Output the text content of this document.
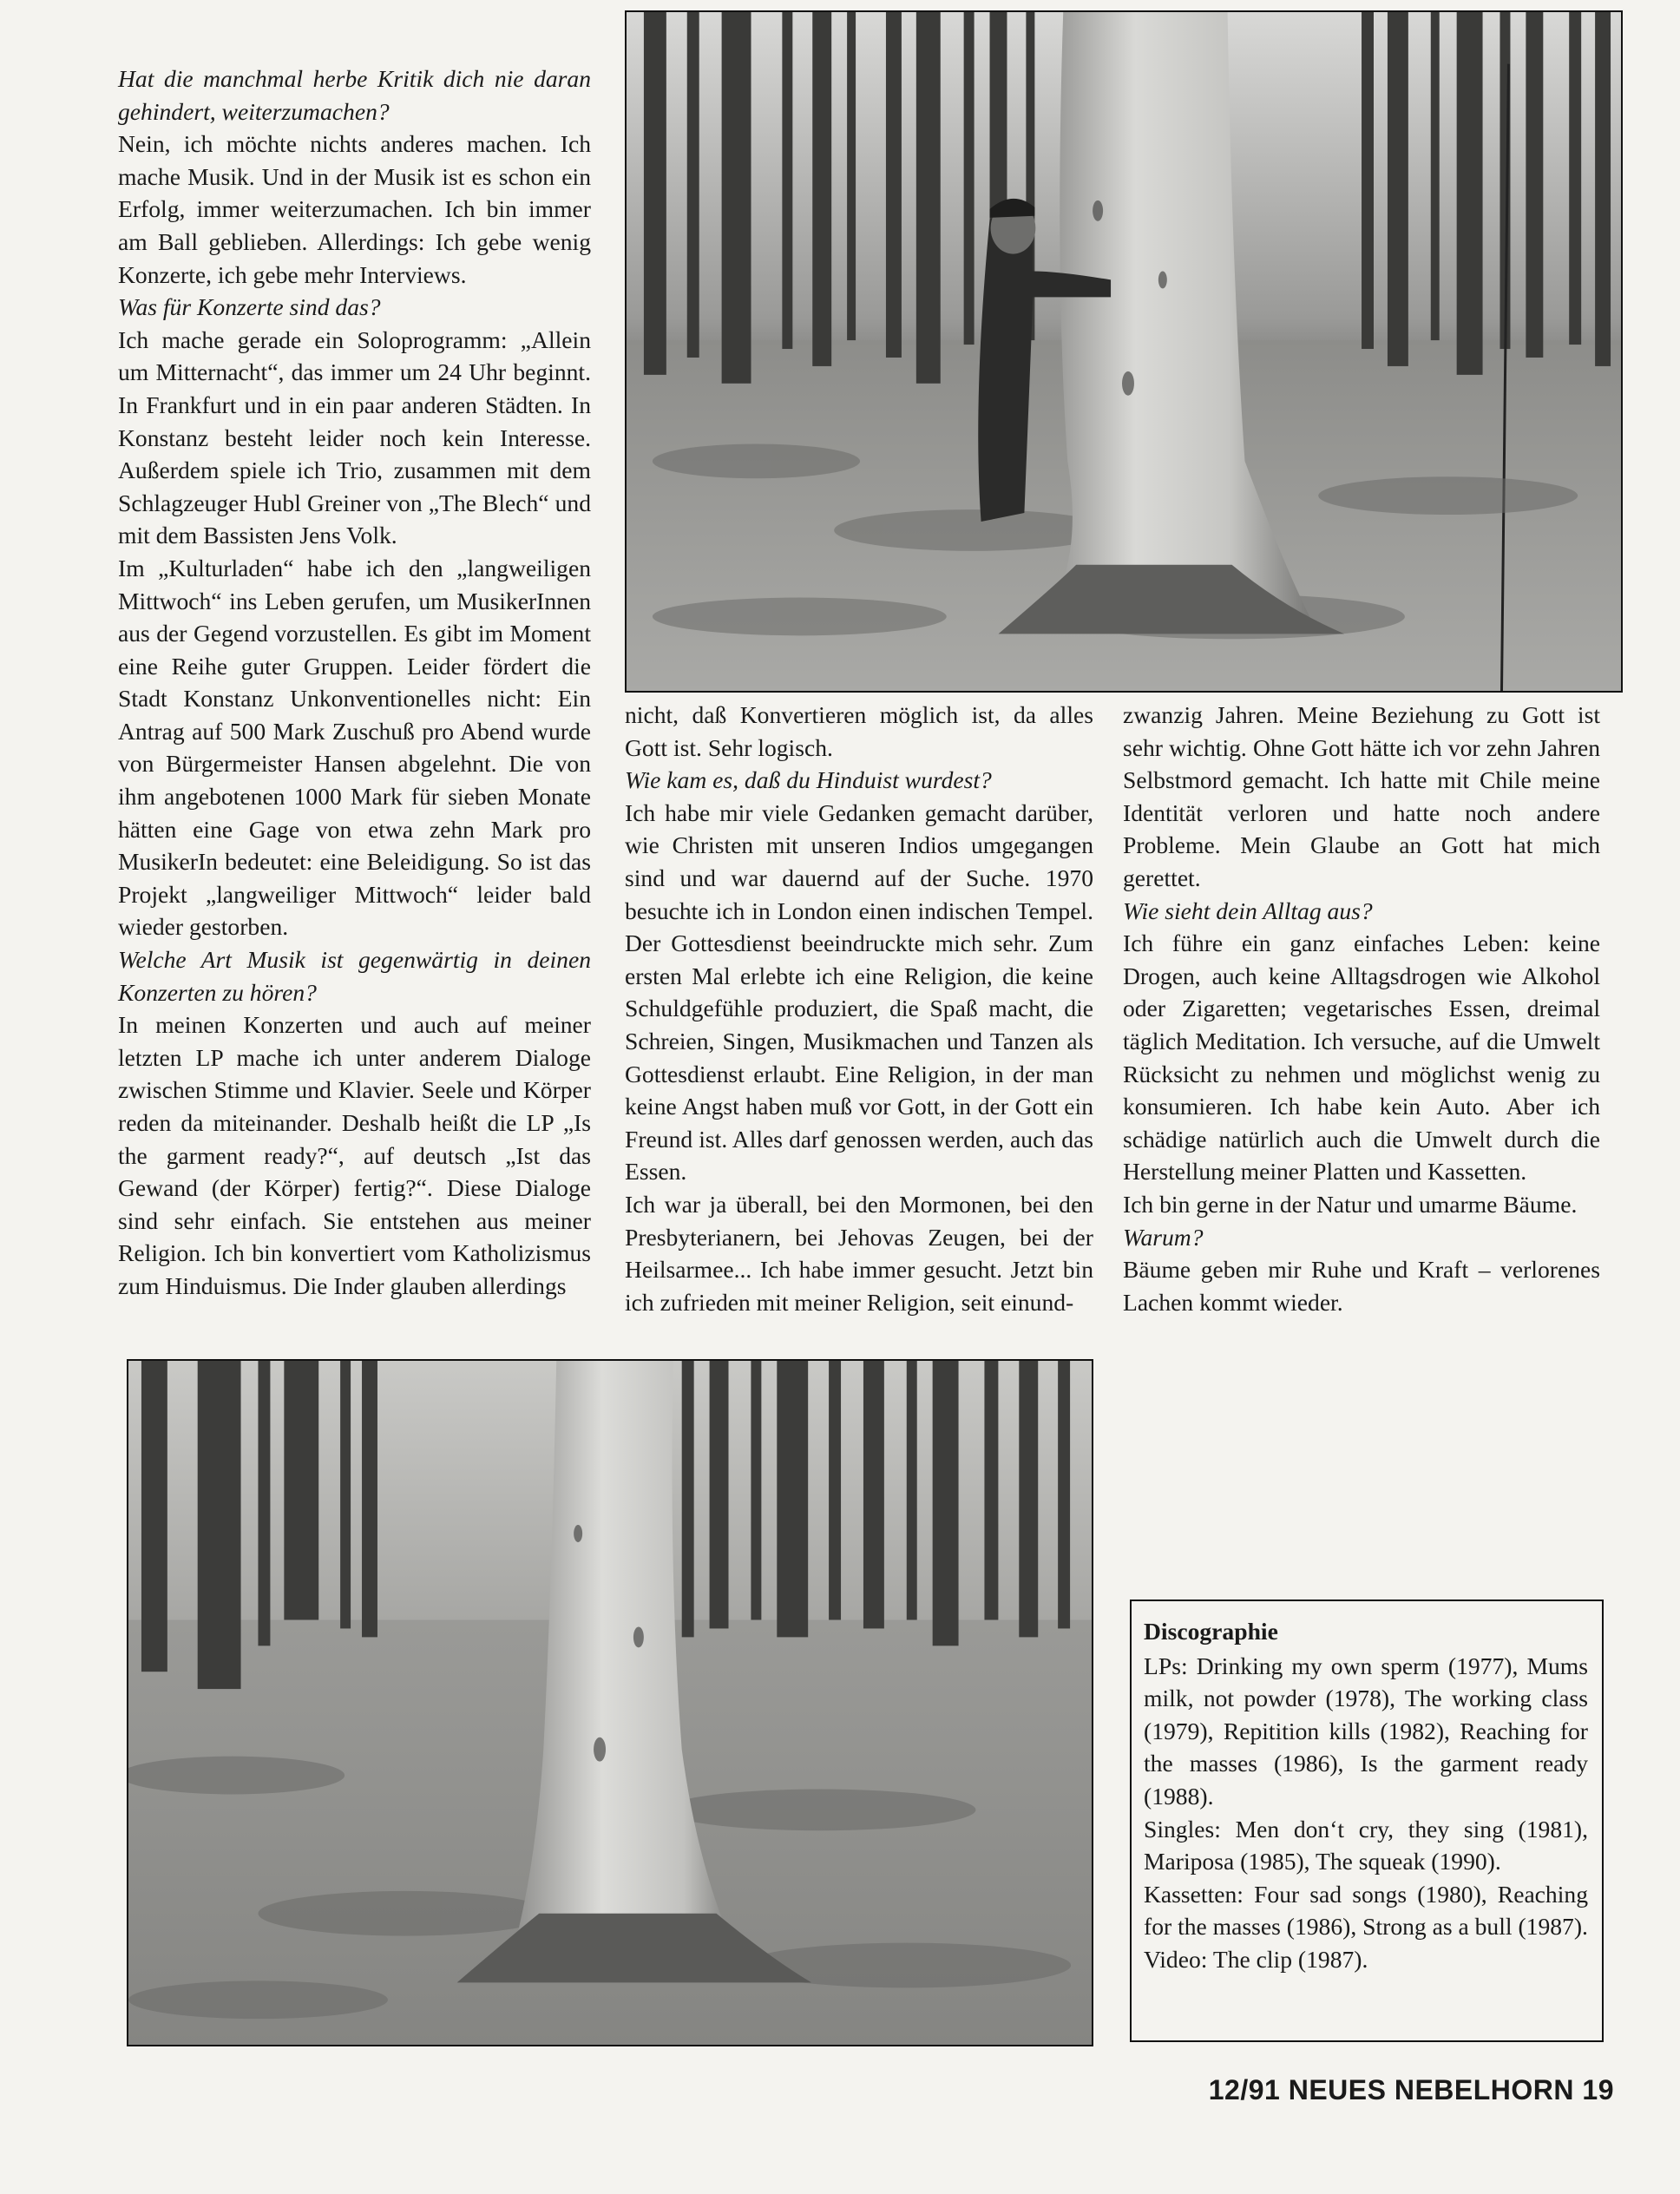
Hat die manchmal herbe Kritik dich nie daran gehindert, weiterzumachen?

Nein, ich möchte nichts anderes machen. Ich mache Musik. Und in der Musik ist es schon ein Erfolg, immer weiterzumachen. Ich bin immer am Ball geblieben. Allerdings: Ich gebe wenig Konzerte, ich gebe mehr Interviews.

Was für Konzerte sind das?

Ich mache gerade ein Soloprogramm: „Allein um Mitternacht“, das immer um 24 Uhr beginnt. In Frankfurt und in ein paar anderen Städten. In Konstanz besteht leider noch kein Interesse. Außerdem spiele ich Trio, zusammen mit dem Schlagzeuger Hubl Greiner von „The Blech“ und mit dem Bassisten Jens Volk.

Im „Kulturladen“ habe ich den „langweiligen Mittwoch“ ins Leben gerufen, um MusikerInnen aus der Gegend vorzustellen. Es gibt im Moment eine Reihe guter Gruppen. Leider fördert die Stadt Konstanz Unkonventionelles nicht: Ein Antrag auf 500 Mark Zuschuß pro Abend wurde von Bürgermeister Hansen abgelehnt. Die von ihm angebotenen 1000 Mark für sieben Monate hätten eine Gage von etwa zehn Mark pro MusikerIn bedeutet: eine Beleidigung. So ist das Projekt „langweiliger Mittwoch“ leider bald wieder gestorben.

Welche Art Musik ist gegenwärtig in deinen Konzerten zu hören?

In meinen Konzerten und auch auf meiner letzten LP mache ich unter anderem Dialoge zwischen Stimme und Klavier. Seele und Körper reden da miteinander. Deshalb heißt die LP „Is the garment ready?“, auf deutsch „Ist das Gewand (der Körper) fertig?“. Diese Dialoge sind sehr einfach. Sie entstehen aus meiner Religion. Ich bin konvertiert vom Katholizismus zum Hinduismus. Die Inder glauben allerdings

nicht, daß Konvertieren möglich ist, da alles Gott ist. Sehr logisch.

Wie kam es, daß du Hinduist wurdest?

Ich habe mir viele Gedanken gemacht darüber, wie Christen mit unseren Indios umgegangen sind und war dauernd auf der Suche. 1970 besuchte ich in London einen indischen Tempel. Der Gottesdienst beeindruckte mich sehr. Zum ersten Mal erlebte ich eine Religion, die keine Schuldgefühle produziert, die Spaß macht, die Schreien, Singen, Musikmachen und Tanzen als Gottesdienst erlaubt. Eine Religion, in der man keine Angst haben muß vor Gott, in der Gott ein Freund ist. Alles darf genossen werden, auch das Essen.

Ich war ja überall, bei den Mormonen, bei den Presbyterianern, bei Jehovas Zeugen, bei der Heilsarmee... Ich habe immer gesucht. Jetzt bin ich zufrieden mit meiner Religion, seit einund-

zwanzig Jahren. Meine Beziehung zu Gott ist sehr wichtig. Ohne Gott hätte ich vor zehn Jahren Selbstmord gemacht. Ich hatte mit Chile meine Identität verloren und hatte noch andere Probleme. Mein Glaube an Gott hat mich gerettet.

Wie sieht dein Alltag aus?

Ich führe ein ganz einfaches Leben: keine Drogen, auch keine Alltagsdrogen wie Alkohol oder Zigaretten; vegetarisches Essen, dreimal täglich Meditation. Ich versuche, auf die Umwelt Rücksicht zu nehmen und möglichst wenig zu konsumieren. Ich habe kein Auto. Aber ich schädige natürlich auch die Umwelt durch die Herstellung meiner Platten und Kassetten.

Ich bin gerne in der Natur und umarme Bäume.

Warum?

Bäume geben mir Ruhe und Kraft – verlorenes Lachen kommt wieder.

Discographie

LPs: Drinking my own sperm (1977), Mums milk, not powder (1978), The working class (1979), Repitition kills (1982), Reaching for the masses (1986), Is the garment ready (1988).

Singles: Men don‘t cry, they sing (1981), Mariposa (1985), The squeak (1990).

Kassetten: Four sad songs (1980), Reaching for the masses (1986), Strong as a bull (1987).

Video: The clip (1987).

12/91 NEUES NEBELHORN 19
